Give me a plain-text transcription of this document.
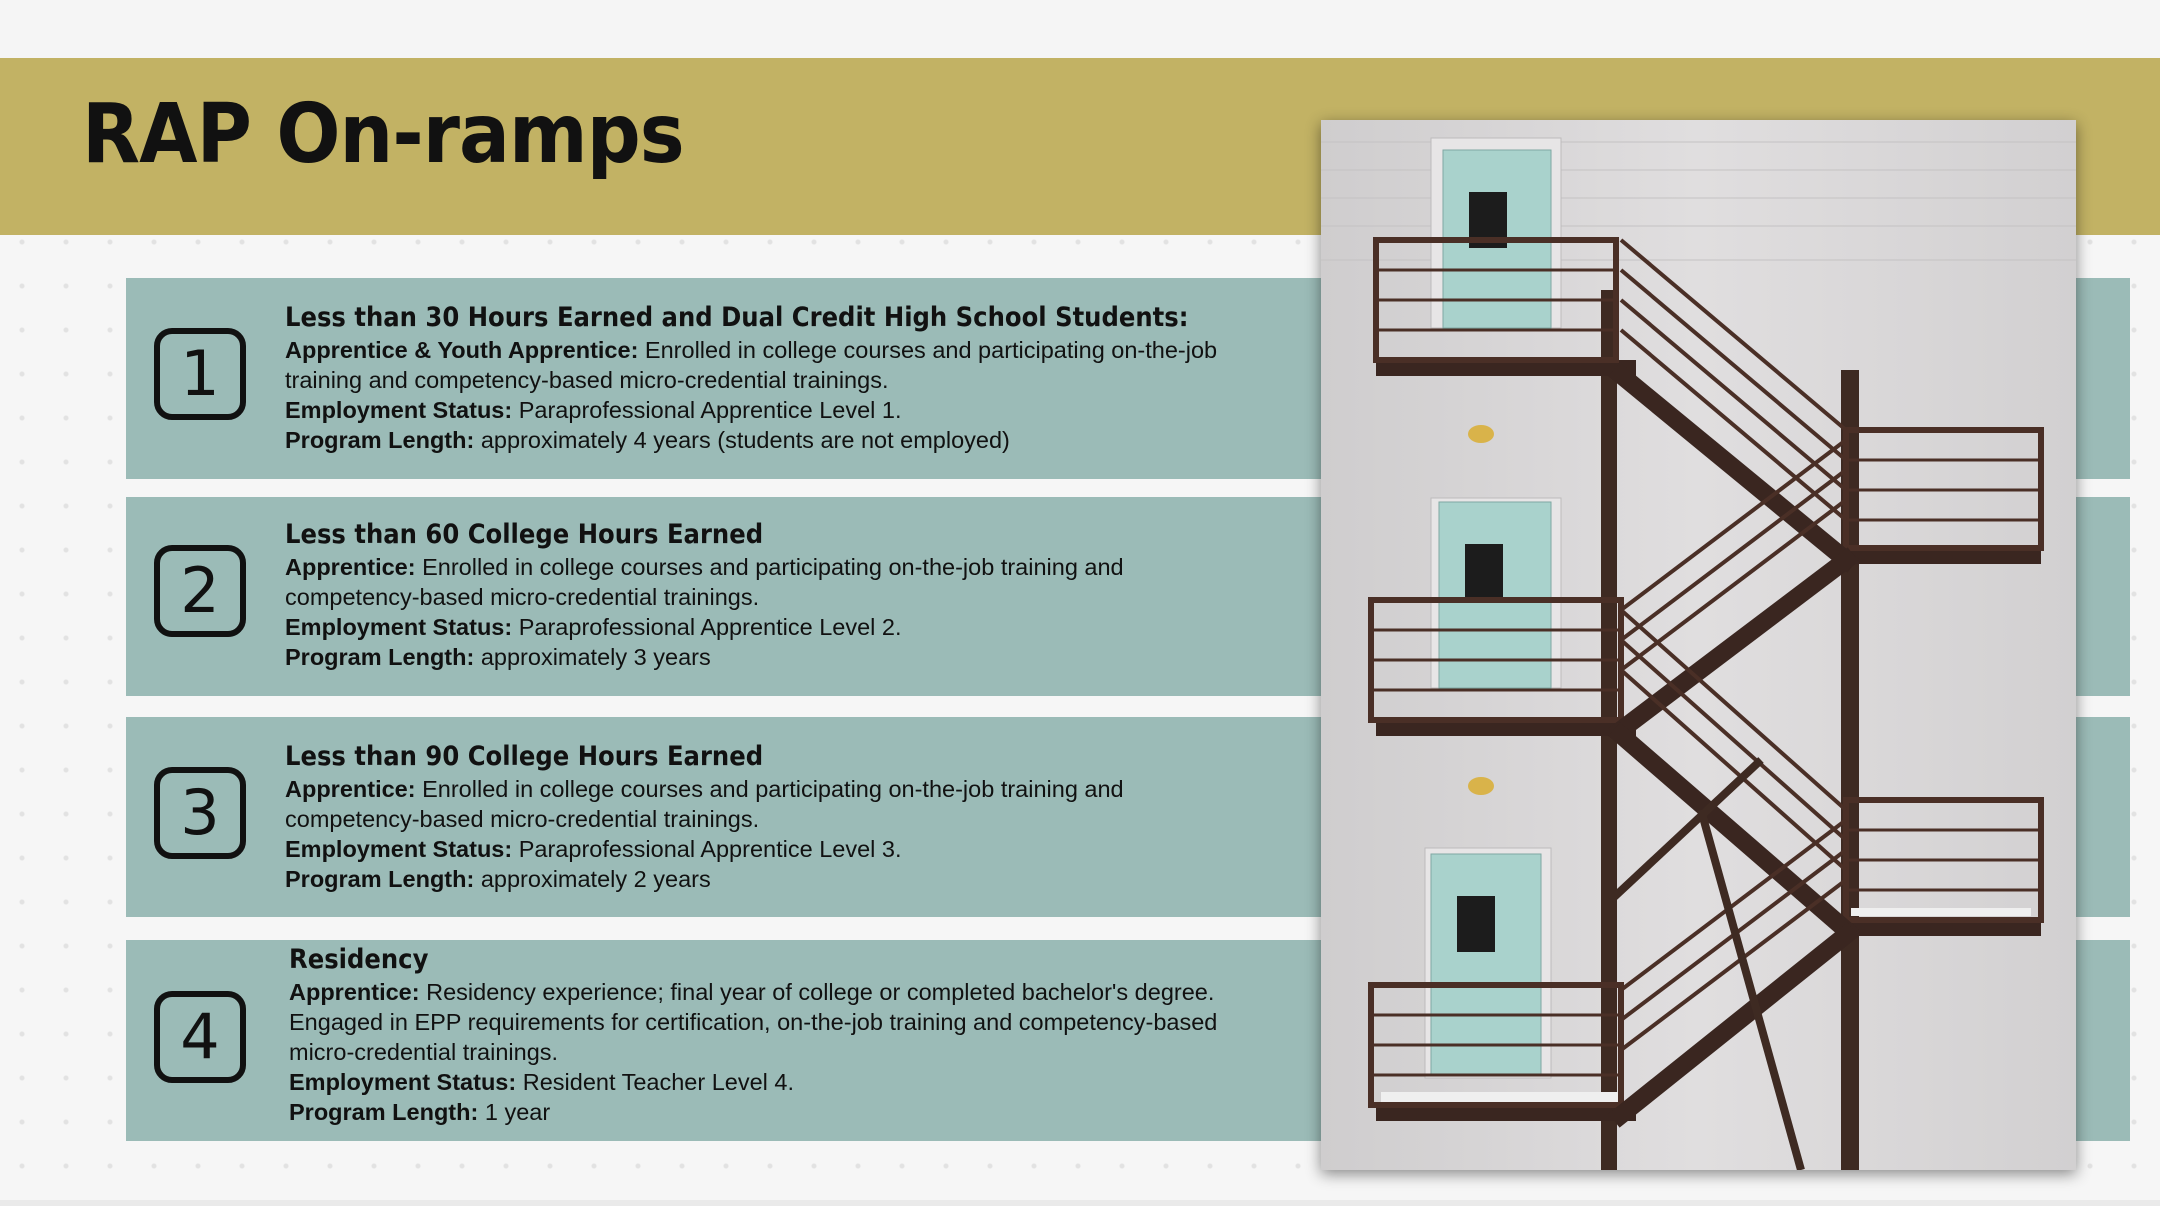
RAP On-ramps
1
Less than 30 Hours Earned and Dual Credit High School Students:
Apprentice & Youth Apprentice: Enrolled in college courses and participating on-the-job
training and competency-based micro-credential trainings.
Employment Status: Paraprofessional Apprentice Level 1.
Program Length: approximately 4 years (students are not employed)
2
Less than 60 College Hours Earned
Apprentice: Enrolled in college courses and participating on-the-job training and
competency-based micro-credential trainings.
Employment Status: Paraprofessional Apprentice Level 2.
Program Length: approximately 3 years
3
Less than 90 College Hours Earned
Apprentice: Enrolled in college courses and participating on-the-job training and
competency-based micro-credential trainings.
Employment Status: Paraprofessional Apprentice Level 3.
Program Length: approximately 2 years
4
Residency
Apprentice: Residency experience; final year of college or completed bachelor's degree.
Engaged in EPP requirements for certification, on-the-job training and competency-based
micro-credential trainings.
Employment Status: Resident Teacher Level 4.
Program Length: 1 year
